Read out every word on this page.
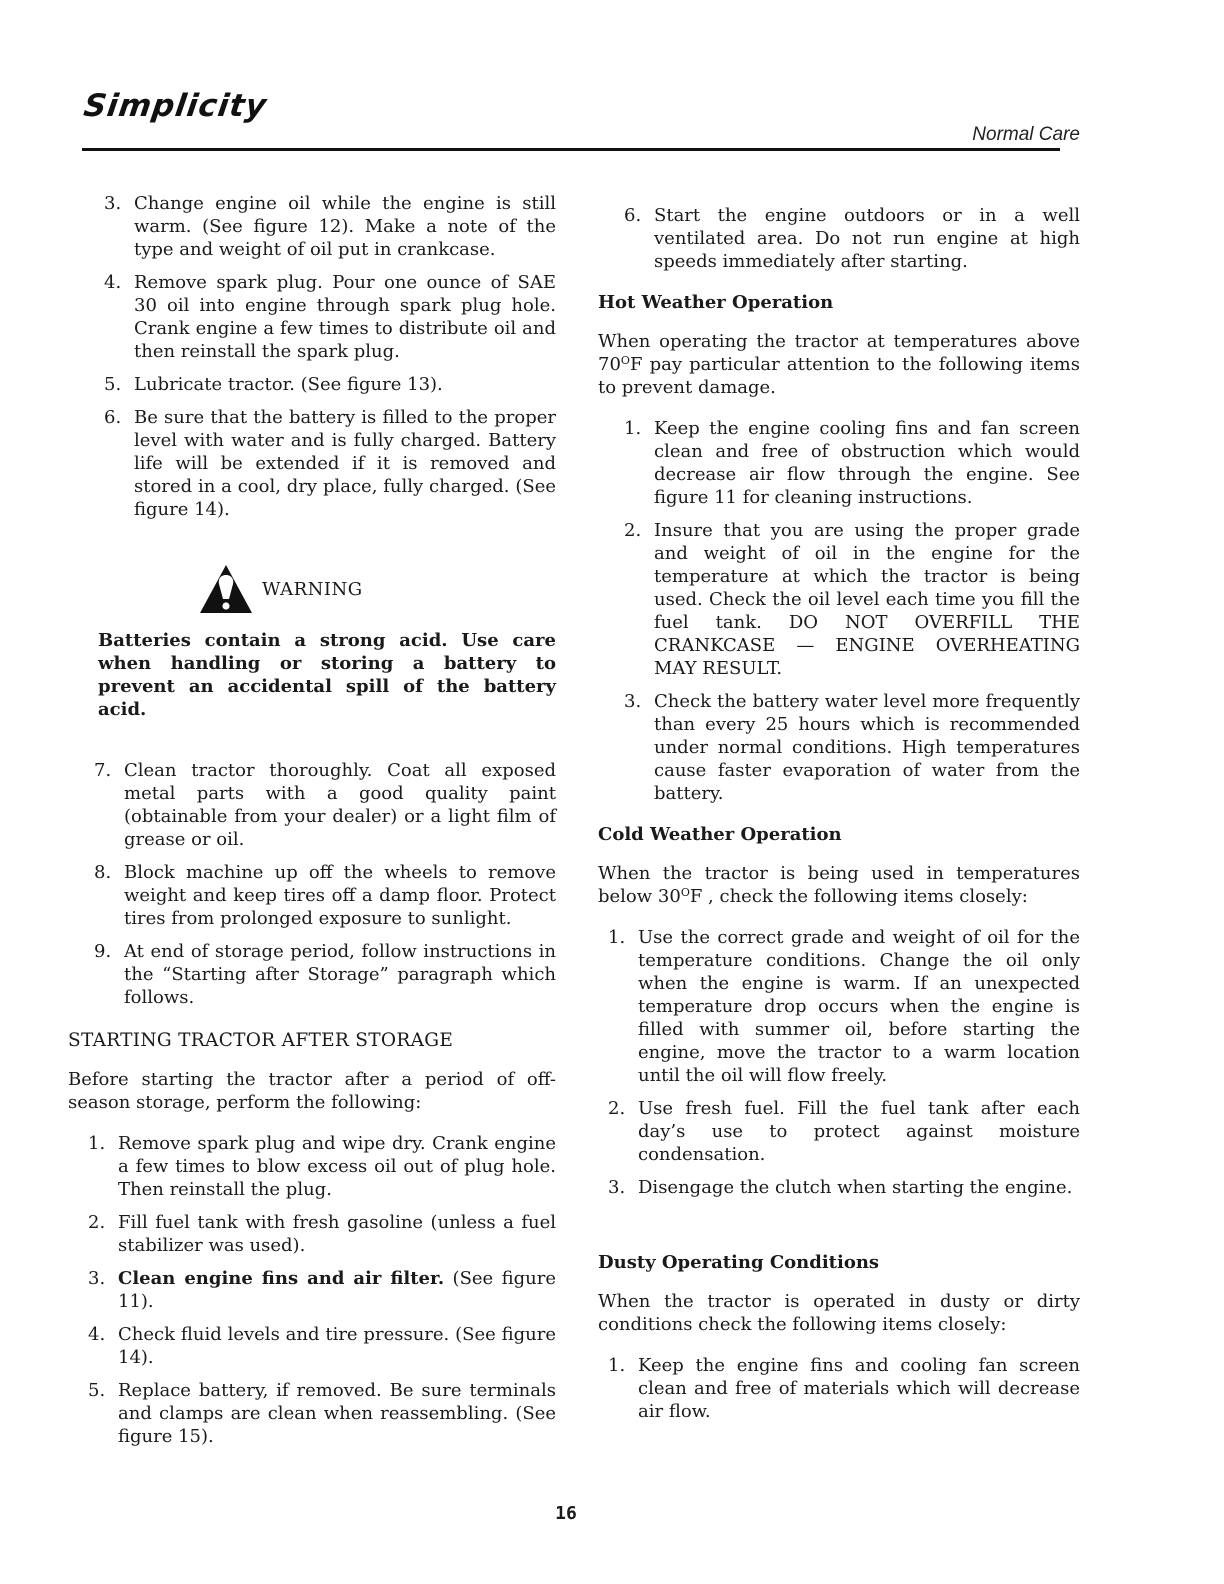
Simplicity
Normal Care
3. Change engine oil while the engine is still warm. (See figure 12). Make a note of the type and weight of oil put in crankcase.
4. Remove spark plug. Pour one ounce of SAE 30 oil into engine through spark plug hole. Crank engine a few times to distribute oil and then reinstall the spark plug.
5. Lubricate tractor. (See figure 13).
6. Be sure that the battery is filled to the proper level with water and is fully charged. Battery life will be extended if it is removed and stored in a cool, dry place, fully charged. (See figure 14).
WARNING
Batteries contain a strong acid. Use care when handling or storing a battery to prevent an accidental spill of the battery acid.
7. Clean tractor thoroughly. Coat all exposed metal parts with a good quality paint (obtainable from your dealer) or a light film of grease or oil.
8. Block machine up off the wheels to remove weight and keep tires off a damp floor. Protect tires from prolonged exposure to sunlight.
9. At end of storage period, follow instructions in the “Starting after Storage” paragraph which follows.
STARTING TRACTOR AFTER STORAGE
Before starting the tractor after a period of off-season storage, perform the following:
1. Remove spark plug and wipe dry. Crank engine a few times to blow excess oil out of plug hole. Then reinstall the plug.
2. Fill fuel tank with fresh gasoline (unless a fuel stabilizer was used).
3. Clean engine fins and air filter. (See figure 11).
4. Check fluid levels and tire pressure. (See figure 14).
5. Replace battery, if removed. Be sure terminals and clamps are clean when reassembling. (See figure 15).
6. Start the engine outdoors or in a well ventilated area. Do not run engine at high speeds immediately after starting.
Hot Weather Operation
When operating the tractor at temperatures above $70^OF$ pay particular attention to the following items to prevent damage.
1. Keep the engine cooling fins and fan screen clean and free of obstruction which would decrease air flow through the engine. See figure 11 for cleaning instructions.
2. Insure that you are using the proper grade and weight of oil in the engine for the temperature at which the tractor is being used. Check the oil level each time you fill the fuel tank. DO NOT OVERFILL THE CRANKCASE — ENGINE OVERHEATING MAY RESULT.
3. Check the battery water level more frequently than every 25 hours which is recommended under normal conditions. High temperatures cause faster evaporation of water from the battery.
Cold Weather Operation
When the tractor is being used in temperatures below $30^OF$ , check the following items closely:
1. Use the correct grade and weight of oil for the temperature conditions. Change the oil only when the engine is warm. If an unexpected temperature drop occurs when the engine is filled with summer oil, before starting the engine, move the tractor to a warm location until the oil will flow freely.
2. Use fresh fuel. Fill the fuel tank after each day’s use to protect against moisture condensation.
3. Disengage the clutch when starting the engine.
Dusty Operating Conditions
When the tractor is operated in dusty or dirty conditions check the following items closely:
1. Keep the engine fins and cooling fan screen clean and free of materials which will decrease air flow.
16
